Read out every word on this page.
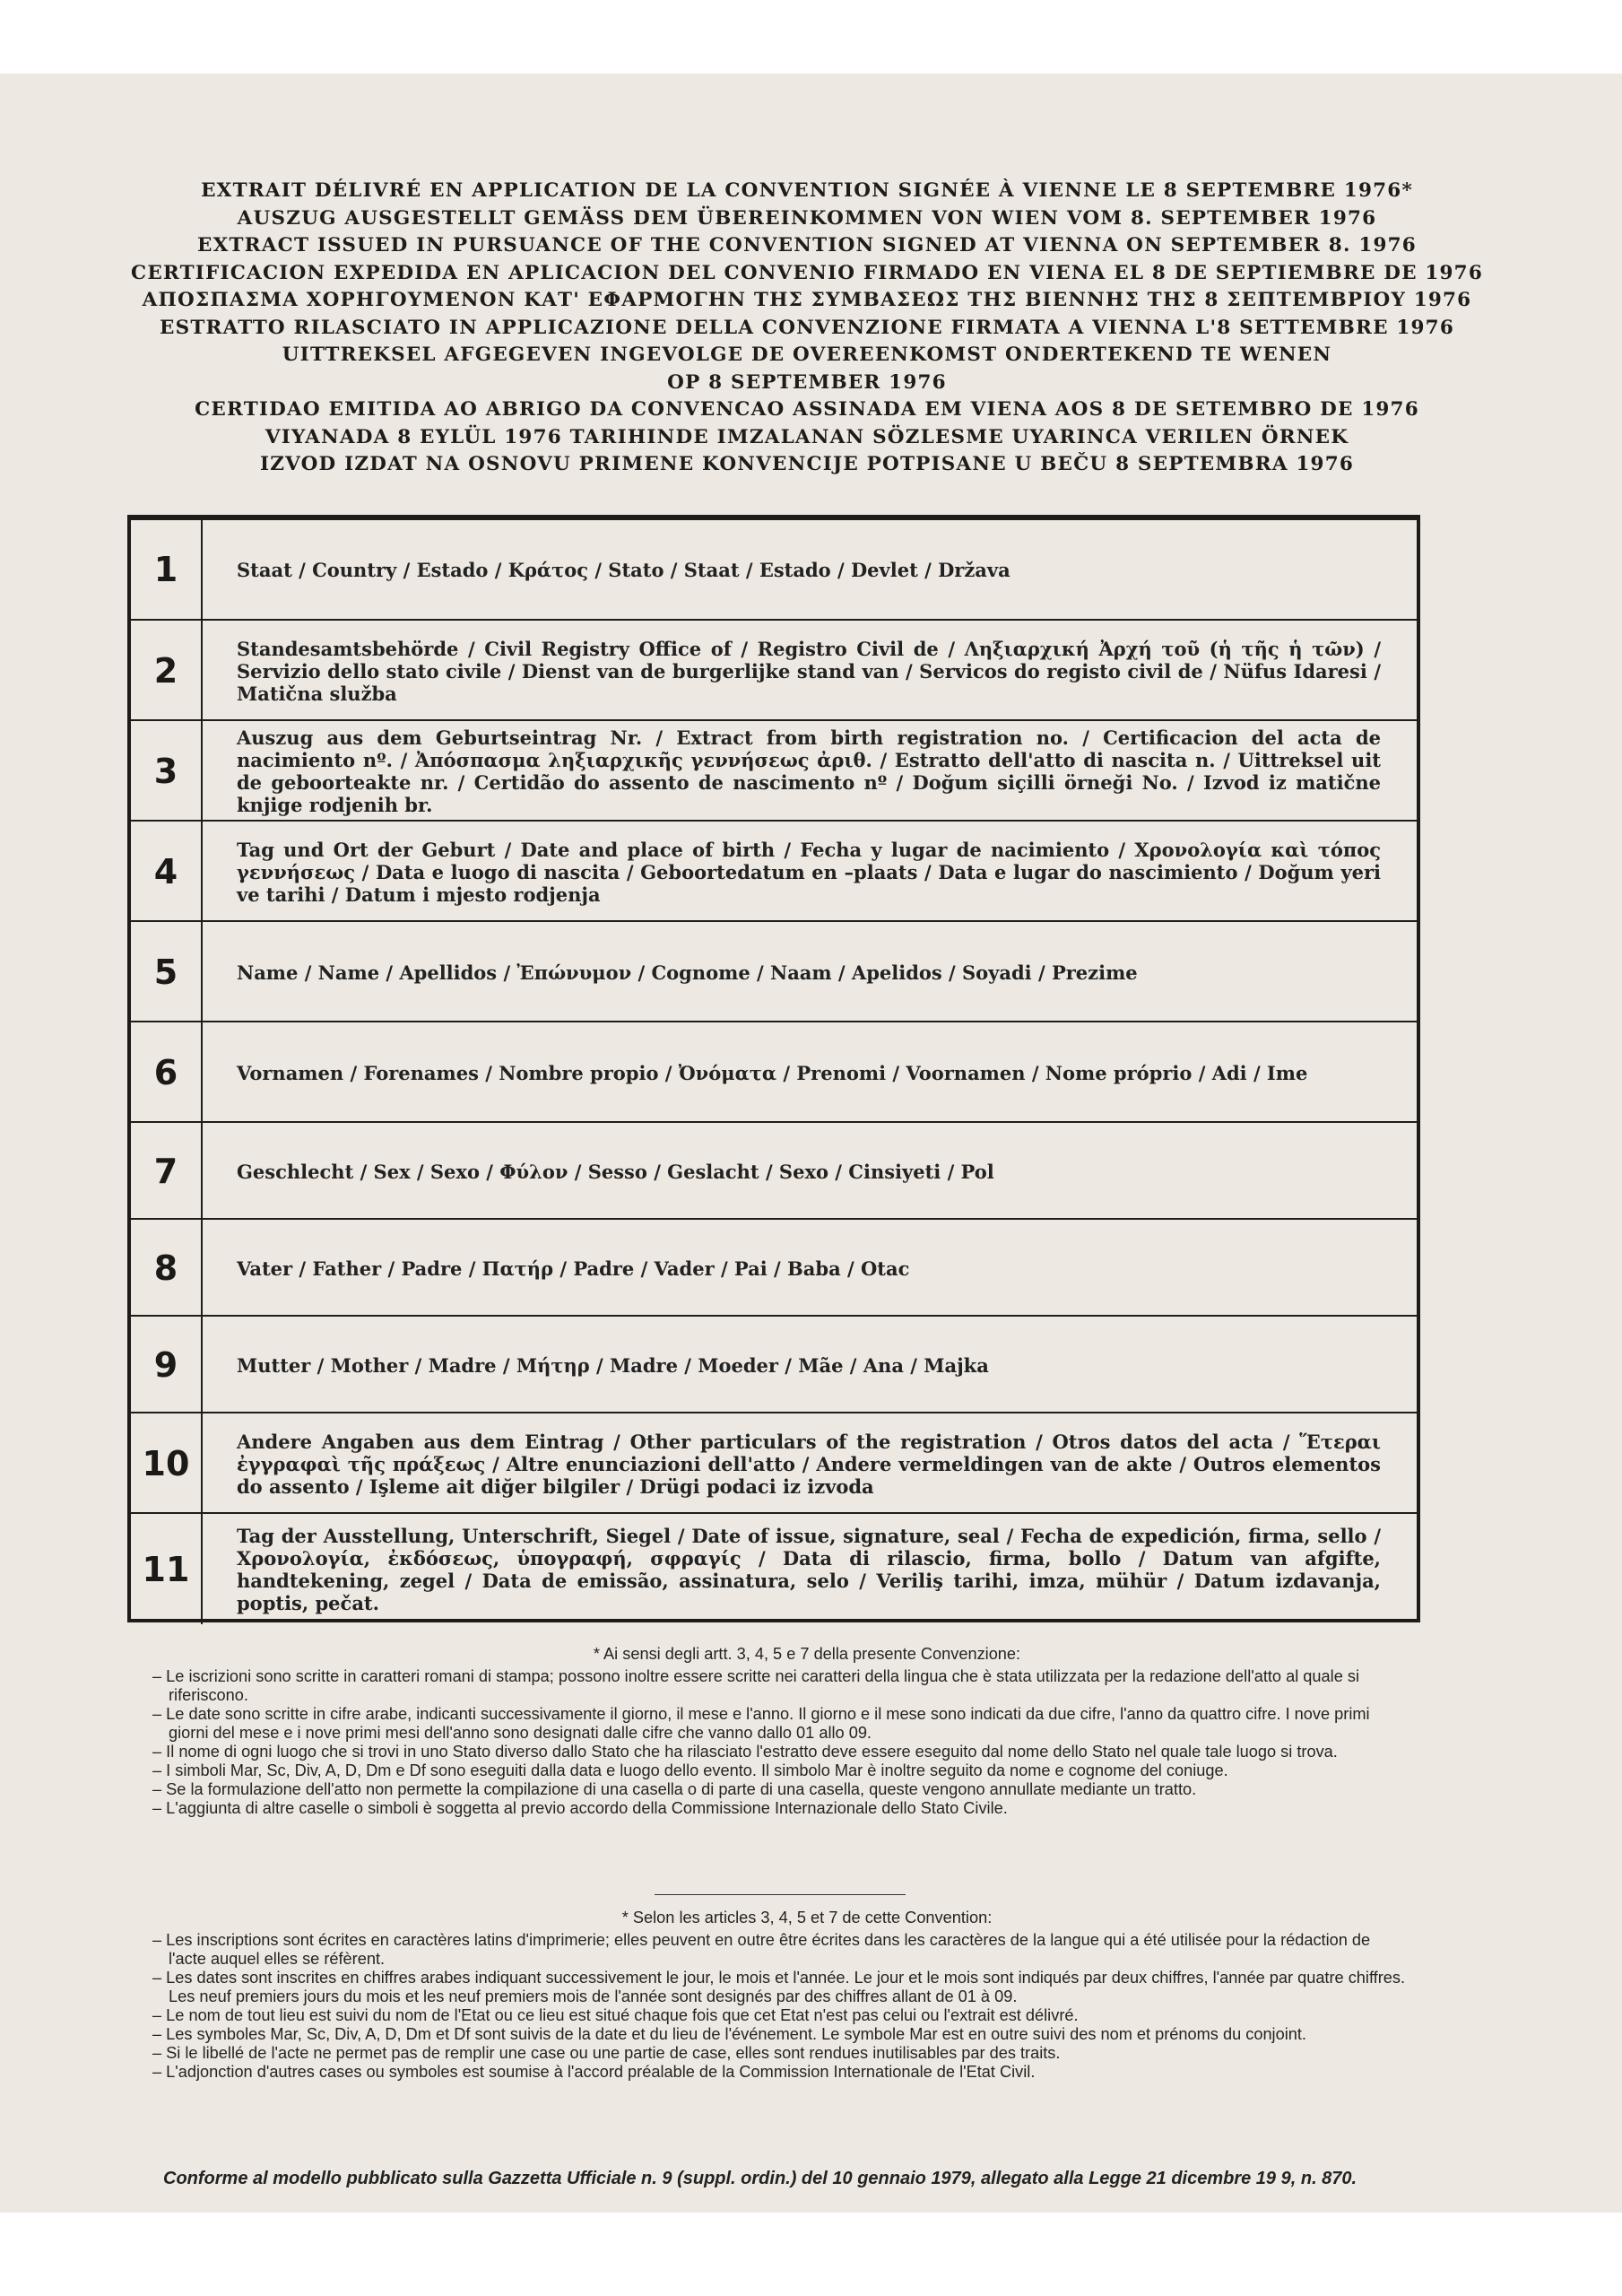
EXTRAIT DÉLIVRÉ EN APPLICATION DE LA CONVENTION SIGNÉE À VIENNE LE 8 SEPTEMBRE 1976*
AUSZUG AUSGESTELLT GEMÄSS DEM ÜBEREINKOMMEN VON WIEN VOM 8. SEPTEMBER 1976
EXTRACT ISSUED IN PURSUANCE OF THE CONVENTION SIGNED AT VIENNA ON SEPTEMBER 8. 1976
CERTIFICACION EXPEDIDA EN APLICACION DEL CONVENIO FIRMADO EN VIENA EL 8 DE SEPTIEMBRE DE 1976
ΑΠΟΣΠΑΣΜΑ ΧΟΡΗΓΟΥΜΕΝΟΝ ΚΑΤ' ΕΦΑΡΜΟΓΗΝ ΤΗΣ ΣΥΜΒΑΣΕΩΣ ΤΗΣ ΒΙΕΝΝΗΣ ΤΗΣ 8 ΣΕΠΤΕΜΒΡΙΟΥ 1976
ESTRATTO RILASCIATO IN APPLICAZIONE DELLA CONVENZIONE FIRMATA A VIENNA L'8 SETTEMBRE 1976
UITTREKSEL AFGEGEVEN INGEVOLGE DE OVEREENKOMST ONDERTEKEND TE WENEN
OP 8 SEPTEMBER 1976
CERTIDAO EMITIDA AO ABRIGO DA CONVENCAO ASSINADA EM VIENA AOS 8 DE SETEMBRO DE 1976
VIYANADA 8 EYLÜL 1976 TARIHINDE IMZALANAN SÖZLESME UYARINCA VERILEN ÖRNEK
IZVOD IZDAT NA OSNOVU PRIMENE KONVENCIJE POTPISANE U BEČU 8 SEPTEMBRA 1976
1	Staat / Country / Estado / Κράτος / Stato / Staat / Estado / Devlet / Država
2
Standesamtsbehörde / Civil Registry Office of / Registro Civil de / Ληξιαρχική Ἀρχή τοῦ (ἡ τῆς ἡ τῶν) / Servizio dello stato civile / Dienst van de burgerlijke stand van / Servicos do registo civil de / Nüfus Idaresi / Matična služba
3
Auszug aus dem Geburtseintrag Nr. / Extract from birth registration no. / Certificacion del acta de nacimiento nº. / Ἀπόσπασμα ληξιαρχικῆς γεννήσεως ἀριθ. / Estratto dell'atto di nascita n. / Uittreksel uit de geboorteakte nr. / Certidão do assento de nascimento nº / Doğum siçilli örneği No. / Izvod iz matične knjige rodjenih br.
4
Tag und Ort der Geburt / Date and place of birth / Fecha y lugar de nacimiento / Χρονολογία καὶ τόπος γεννήσεως / Data e luogo di nascita / Geboortedatum en –plaats / Data e lugar do nascimiento / Doğum yeri ve tarihi / Datum i mjesto rodjenja
5	Name / Name / Apellidos / Ἐπώνυμον / Cognome / Naam / Apelidos / Soyadi / Prezime
6	Vornamen / Forenames / Nombre propio / Ὀνόματα / Prenomi / Voornamen / Nome próprio / Adi / Ime
7	Geschlecht / Sex / Sexo / Φύλον / Sesso / Geslacht / Sexo / Cinsiyeti / Pol
8	Vater / Father / Padre / Πατήρ / Padre / Vader / Pai / Baba / Otac
9	Mutter / Mother / Madre / Μήτηρ / Madre / Moeder / Mãe / Ana / Majka
10
Andere Angaben aus dem Eintrag / Other particulars of the registration / Otros datos del acta / Ἕτεραι ἐγγραφαὶ τῆς πράξεως / Altre enunciazioni dell'atto / Andere vermeldingen van de akte / Outros elementos do assento / Işleme ait diğer bilgiler / Drügi podaci iz izvoda
11
Tag der Ausstellung, Unterschrift, Siegel / Date of issue, signature, seal / Fecha de expedición, firma, sello / Χρονολογία, ἐκδόσεως, ὑπογραφή, σφραγίς / Data di rilascio, firma, bollo / Datum van afgifte, handtekening, zegel / Data de emissão, assinatura, selo / Veriliş tarihi, imza, mühür / Datum izdavanja, poptis, pečat.
* Ai sensi degli artt. 3, 4, 5 e 7 della presente Convenzione:

– Le iscrizioni sono scritte in caratteri romani di stampa; possono inoltre essere scritte nei caratteri della lingua che è stata utilizzata per la redazione dell'atto al quale si riferiscono.

– Le date sono scritte in cifre arabe, indicanti successivamente il giorno, il mese e l'anno. Il giorno e il mese sono indicati da due cifre, l'anno da quattro cifre. I nove primi giorni del mese e i nove primi mesi dell'anno sono designati dalle cifre che vanno dallo 01 allo 09.

– Il nome di ogni luogo che si trovi in uno Stato diverso dallo Stato che ha rilasciato l'estratto deve essere eseguito dal nome dello Stato nel quale tale luogo si trova.

– I simboli Mar, Sc, Div, A, D, Dm e Df sono eseguiti dalla data e luogo dello evento. Il simbolo Mar è inoltre seguito da nome e cognome del coniuge.

– Se la formulazione dell'atto non permette la compilazione di una casella o di parte di una casella, queste vengono annullate mediante un tratto.

– L'aggiunta di altre caselle o simboli è soggetta al previo accordo della Commissione Internazionale dello Stato Civile.

* Selon les articles 3, 4, 5 et 7 de cette Convention:

– Les inscriptions sont écrites en caractères latins d'imprimerie; elles peuvent en outre être écrites dans les caractères de la langue qui a été utilisée pour la rédaction de l'acte auquel elles se réfèrent.

– Les dates sont inscrites en chiffres arabes indiquant successivement le jour, le mois et l'année. Le jour et le mois sont indiqués par deux chiffres, l'année par quatre chiffres. Les neuf premiers jours du mois et les neuf premiers mois de l'année sont designés par des chiffres allant de 01 à 09.

– Le nom de tout lieu est suivi du nom de l'Etat ou ce lieu est situé chaque fois que cet Etat n'est pas celui ou l'extrait est délivré.

– Les symboles Mar, Sc, Div, A, D, Dm et Df sont suivis de la date et du lieu de l'événement. Le symbole Mar est en outre suivi des nom et prénoms du conjoint.

– Si le libellé de l'acte ne permet pas de remplir une case ou une partie de case, elles sont rendues inutilisables par des traits.

– L'adjonction d'autres cases ou symboles est soumise à l'accord préalable de la Commission Internationale de l'Etat Civil.

Conforme al modello pubblicato sulla Gazzetta Ufficiale n. 9 (suppl. ordin.) del 10 gennaio 1979, allegato alla Legge 21 dicembre 19 9, n. 870.
